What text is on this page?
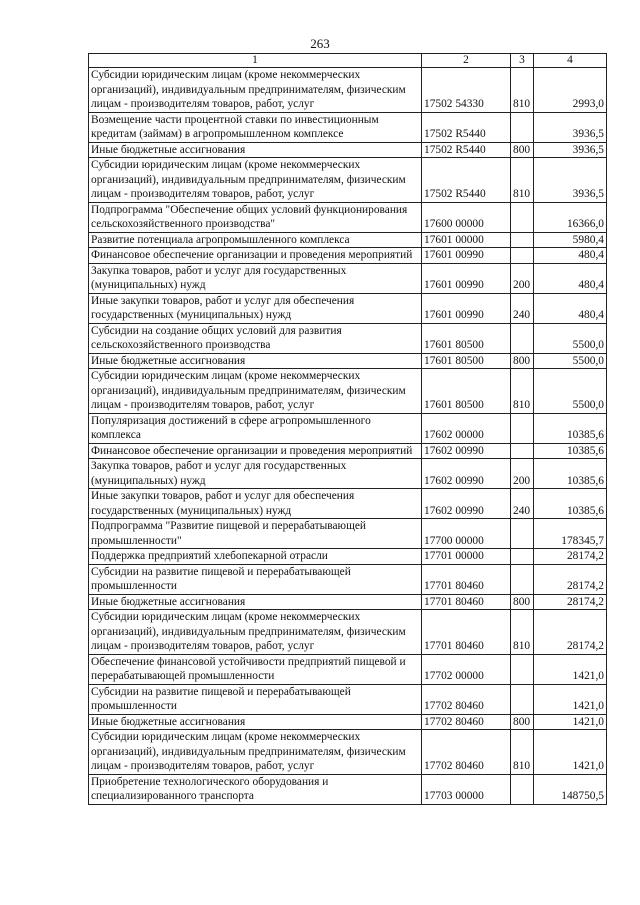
263
1	2	3	4
Субсидии юридическим лицам (кроме некоммерческих организаций), индивидуальным предпринимателям, физическим лицам - производителям товаров, работ, услуг	17502 54330	810	2993,0
Возмещение части процентной ставки по инвестиционным кредитам (займам) в агропромышленном комплексе	17502 R5440		3936,5
Иные бюджетные ассигнования	17502 R5440	800	3936,5
Субсидии юридическим лицам (кроме некоммерческих организаций), индивидуальным предпринимателям, физическим лицам - производителям товаров, работ, услуг	17502 R5440	810	3936,5
Подпрограмма "Обеспечение общих условий функционирования сельскохозяйственного производства"	17600 00000		16366,0
Развитие потенциала агропромышленного комплекса	17601 00000		5980,4
Финансовое обеспечение организации и проведения мероприятий	17601 00990		480,4
Закупка товаров, работ и услуг для государственных (муниципальных) нужд	17601 00990	200	480,4
Иные закупки товаров, работ и услуг для обеспечения государственных (муниципальных) нужд	17601 00990	240	480,4
Субсидии на создание общих условий для развития сельскохозяйственного производства	17601 80500		5500,0
Иные бюджетные ассигнования	17601 80500	800	5500,0
Субсидии юридическим лицам (кроме некоммерческих организаций), индивидуальным предпринимателям, физическим лицам - производителям товаров, работ, услуг	17601 80500	810	5500,0
Популяризация достижений в сфере агропромышленного комплекса	17602 00000		10385,6
Финансовое обеспечение организации и проведения мероприятий	17602 00990		10385,6
Закупка товаров, работ и услуг для государственных (муниципальных) нужд	17602 00990	200	10385,6
Иные закупки товаров, работ и услуг для обеспечения государственных (муниципальных) нужд	17602 00990	240	10385,6
Подпрограмма "Развитие пищевой и перерабатывающей промышленности"	17700 00000		178345,7
Поддержка предприятий хлебопекарной отрасли	17701 00000		28174,2
Субсидии на развитие пищевой и перерабатывающей промышленности	17701 80460		28174,2
Иные бюджетные ассигнования	17701 80460	800	28174,2
Субсидии юридическим лицам (кроме некоммерческих организаций), индивидуальным предпринимателям, физическим лицам - производителям товаров, работ, услуг	17701 80460	810	28174,2
Обеспечение финансовой устойчивости предприятий пищевой и перерабатывающей промышленности	17702 00000		1421,0
Субсидии на развитие пищевой и перерабатывающей промышленности	17702 80460		1421,0
Иные бюджетные ассигнования	17702 80460	800	1421,0
Субсидии юридическим лицам (кроме некоммерческих организаций), индивидуальным предпринимателям, физическим лицам - производителям товаров, работ, услуг	17702 80460	810	1421,0
Приобретение технологического оборудования и специализированного транспорта	17703 00000		148750,5
